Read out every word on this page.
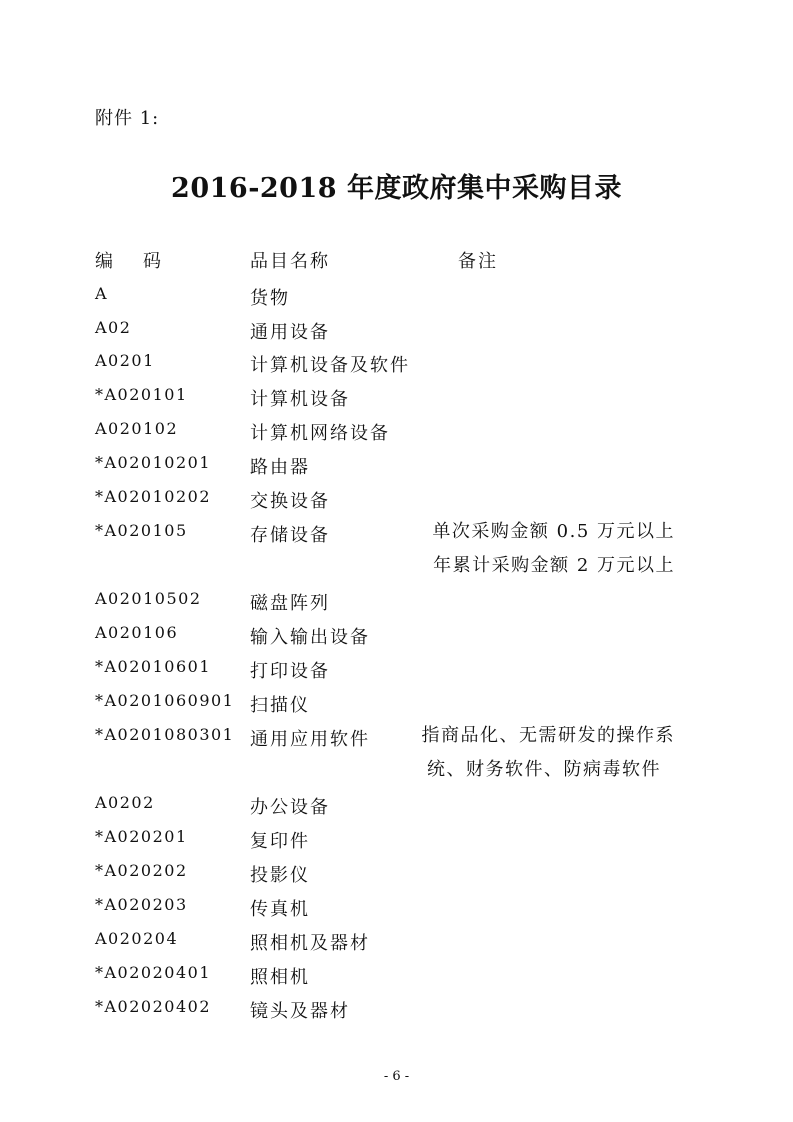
附件 1:
2016-2018 年度政府集中采购目录
编码	品目名称	备注
A	货物
A02	通用设备
A0201	计算机设备及软件
*A020101	计算机设备
A020102	计算机网络设备
*A02010201 路由器
*A02010202 交换设备
*A020105	存储设备	单次采购金额 0.5 万元以上
年累计采购金额 2 万元以上
A02010502	磁盘阵列
A020106	输入输出设备
*A02010601 打印设备
*A0201060901 扫描仪
*A0201080301 通用应用软件	指商品化、无需研发的操作系
统、财务软件、防病毒软件
A0202	办公设备
*A020201	复印件
*A020202	投影仪
*A020203	传真机
A020204	照相机及器材
*A02020401 照相机
*A02020402 镜头及器材
- 6 -
